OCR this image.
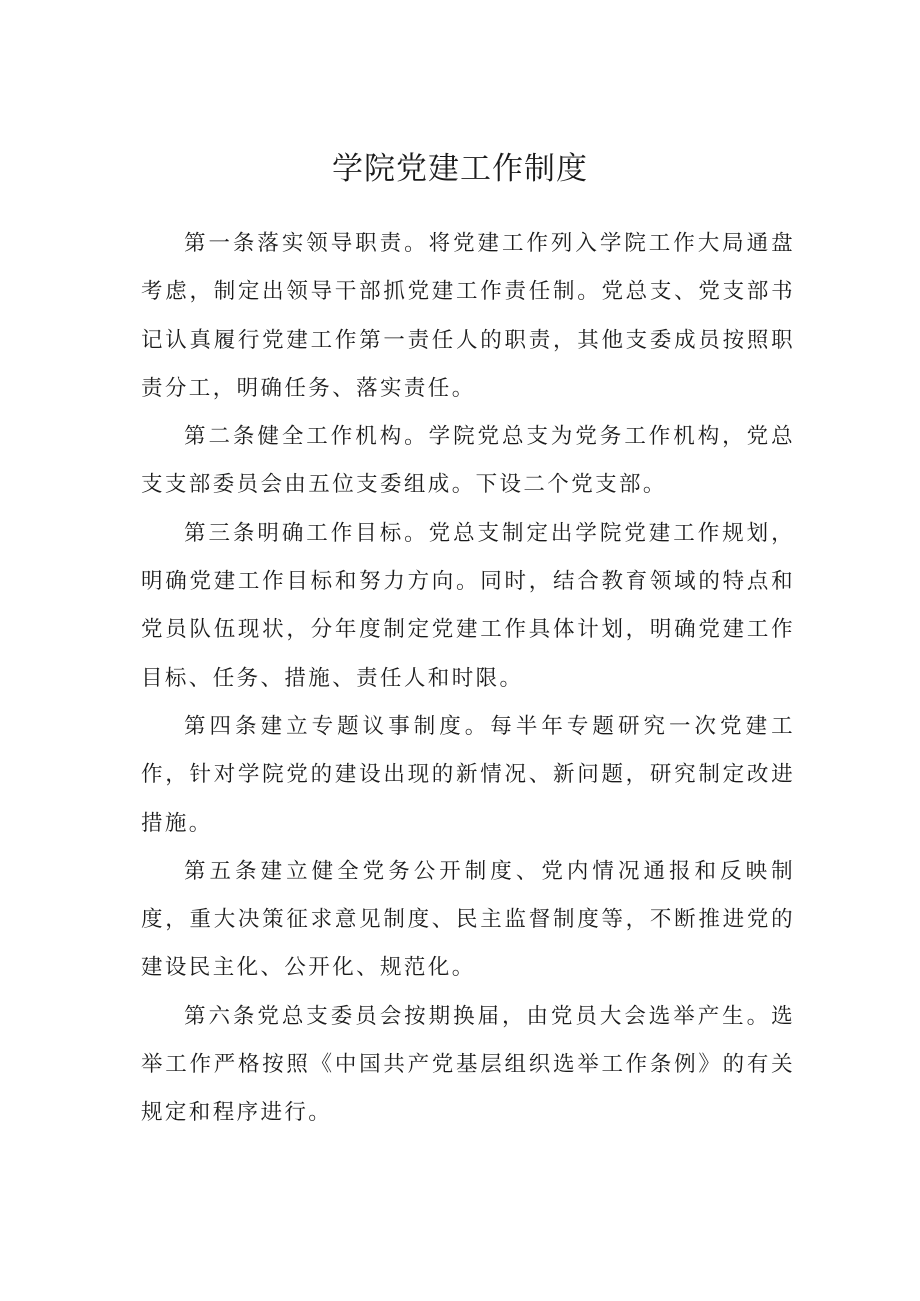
学院党建工作制度

第一条落实领导职责。将党建工作列入学院工作大局通盘考虑，制定出领导干部抓党建工作责任制。党总支、党支部书记认真履行党建工作第一责任人的职责，其他支委成员按照职责分工，明确任务、落实责任。

第二条健全工作机构。学院党总支为党务工作机构，党总支支部委员会由五位支委组成。下设二个党支部。

第三条明确工作目标。党总支制定出学院党建工作规划，明确党建工作目标和努力方向。同时，结合教育领域的特点和党员队伍现状，分年度制定党建工作具体计划，明确党建工作目标、任务、措施、责任人和时限。

第四条建立专题议事制度。每半年专题研究一次党建工作，针对学院党的建设出现的新情况、新问题，研究制定改进措施。

第五条建立健全党务公开制度、党内情况通报和反映制度，重大决策征求意见制度、民主监督制度等，不断推进党的建设民主化、公开化、规范化。

第六条党总支委员会按期换届，由党员大会选举产生。选举工作严格按照《中国共产党基层组织选举工作条例》的有关规定和程序进行。
